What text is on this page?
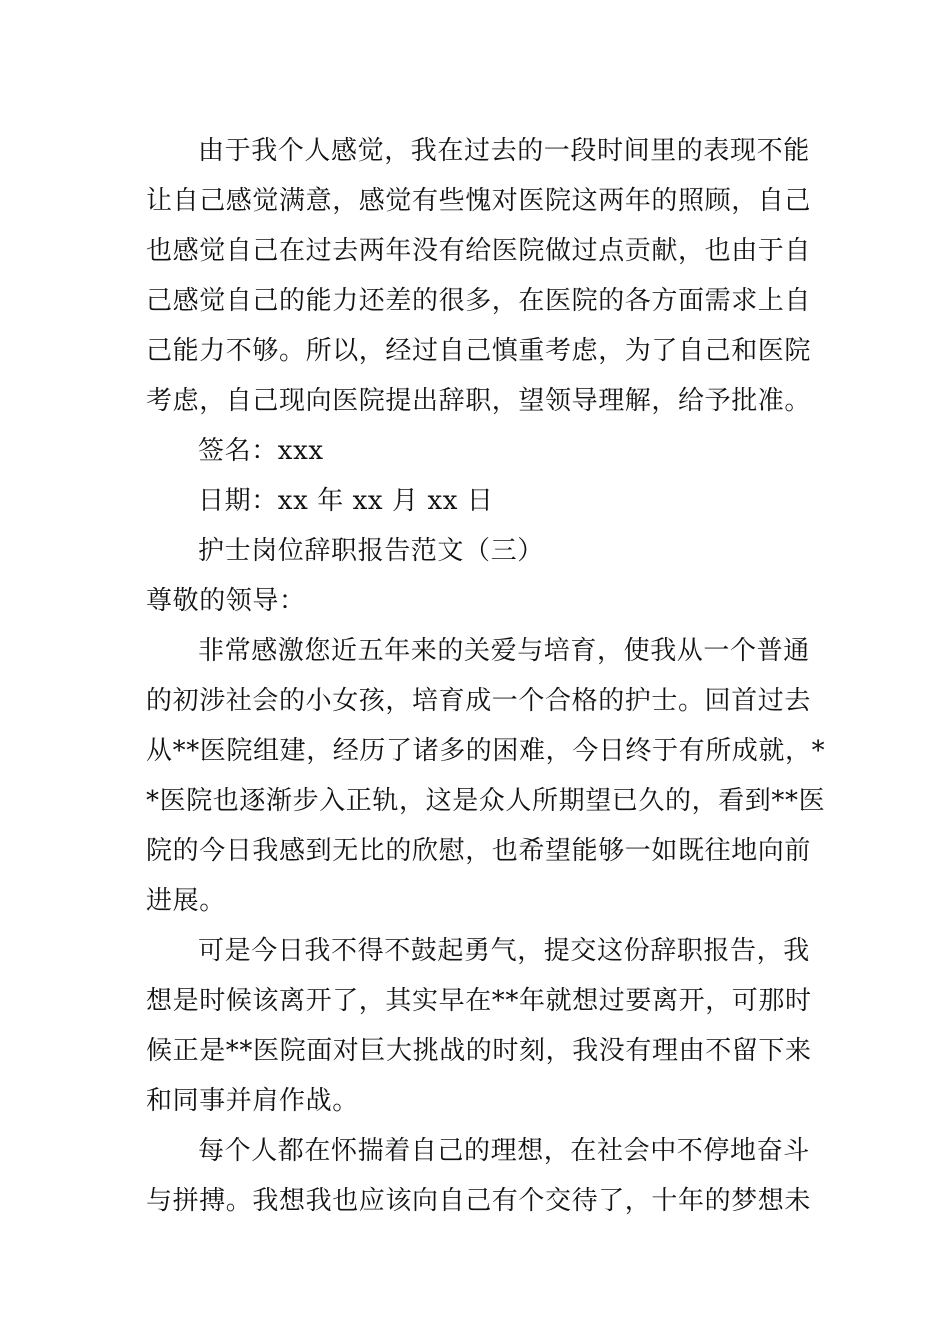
由于我个人感觉，我在过去的一段时间里的表现不能
让自己感觉满意，感觉有些愧对医院这两年的照顾，自己
也感觉自己在过去两年没有给医院做过点贡献，也由于自
己感觉自己的能力还差的很多，在医院的各方面需求上自
己能力不够。所以，经过自己慎重考虑，为了自己和医院
考虑，自己现向医院提出辞职，望领导理解，给予批准。
签名：xxx
日期：xx 年 xx 月 xx 日
护士岗位辞职报告范文（三）
尊敬的领导：
非常感激您近五年来的关爱与培育，使我从一个普通
的初涉社会的小女孩，培育成一个合格的护士。回首过去
从**医院组建，经历了诸多的困难，今日终于有所成就，*
*医院也逐渐步入正轨，这是众人所期望已久的，看到**医
院的今日我感到无比的欣慰，也希望能够一如既往地向前
进展。
可是今日我不得不鼓起勇气，提交这份辞职报告，我
想是时候该离开了，其实早在**年就想过要离开，可那时
候正是**医院面对巨大挑战的时刻，我没有理由不留下来
和同事并肩作战。
每个人都在怀揣着自己的理想，在社会中不停地奋斗
与拼搏。我想我也应该向自己有个交待了，十年的梦想未
